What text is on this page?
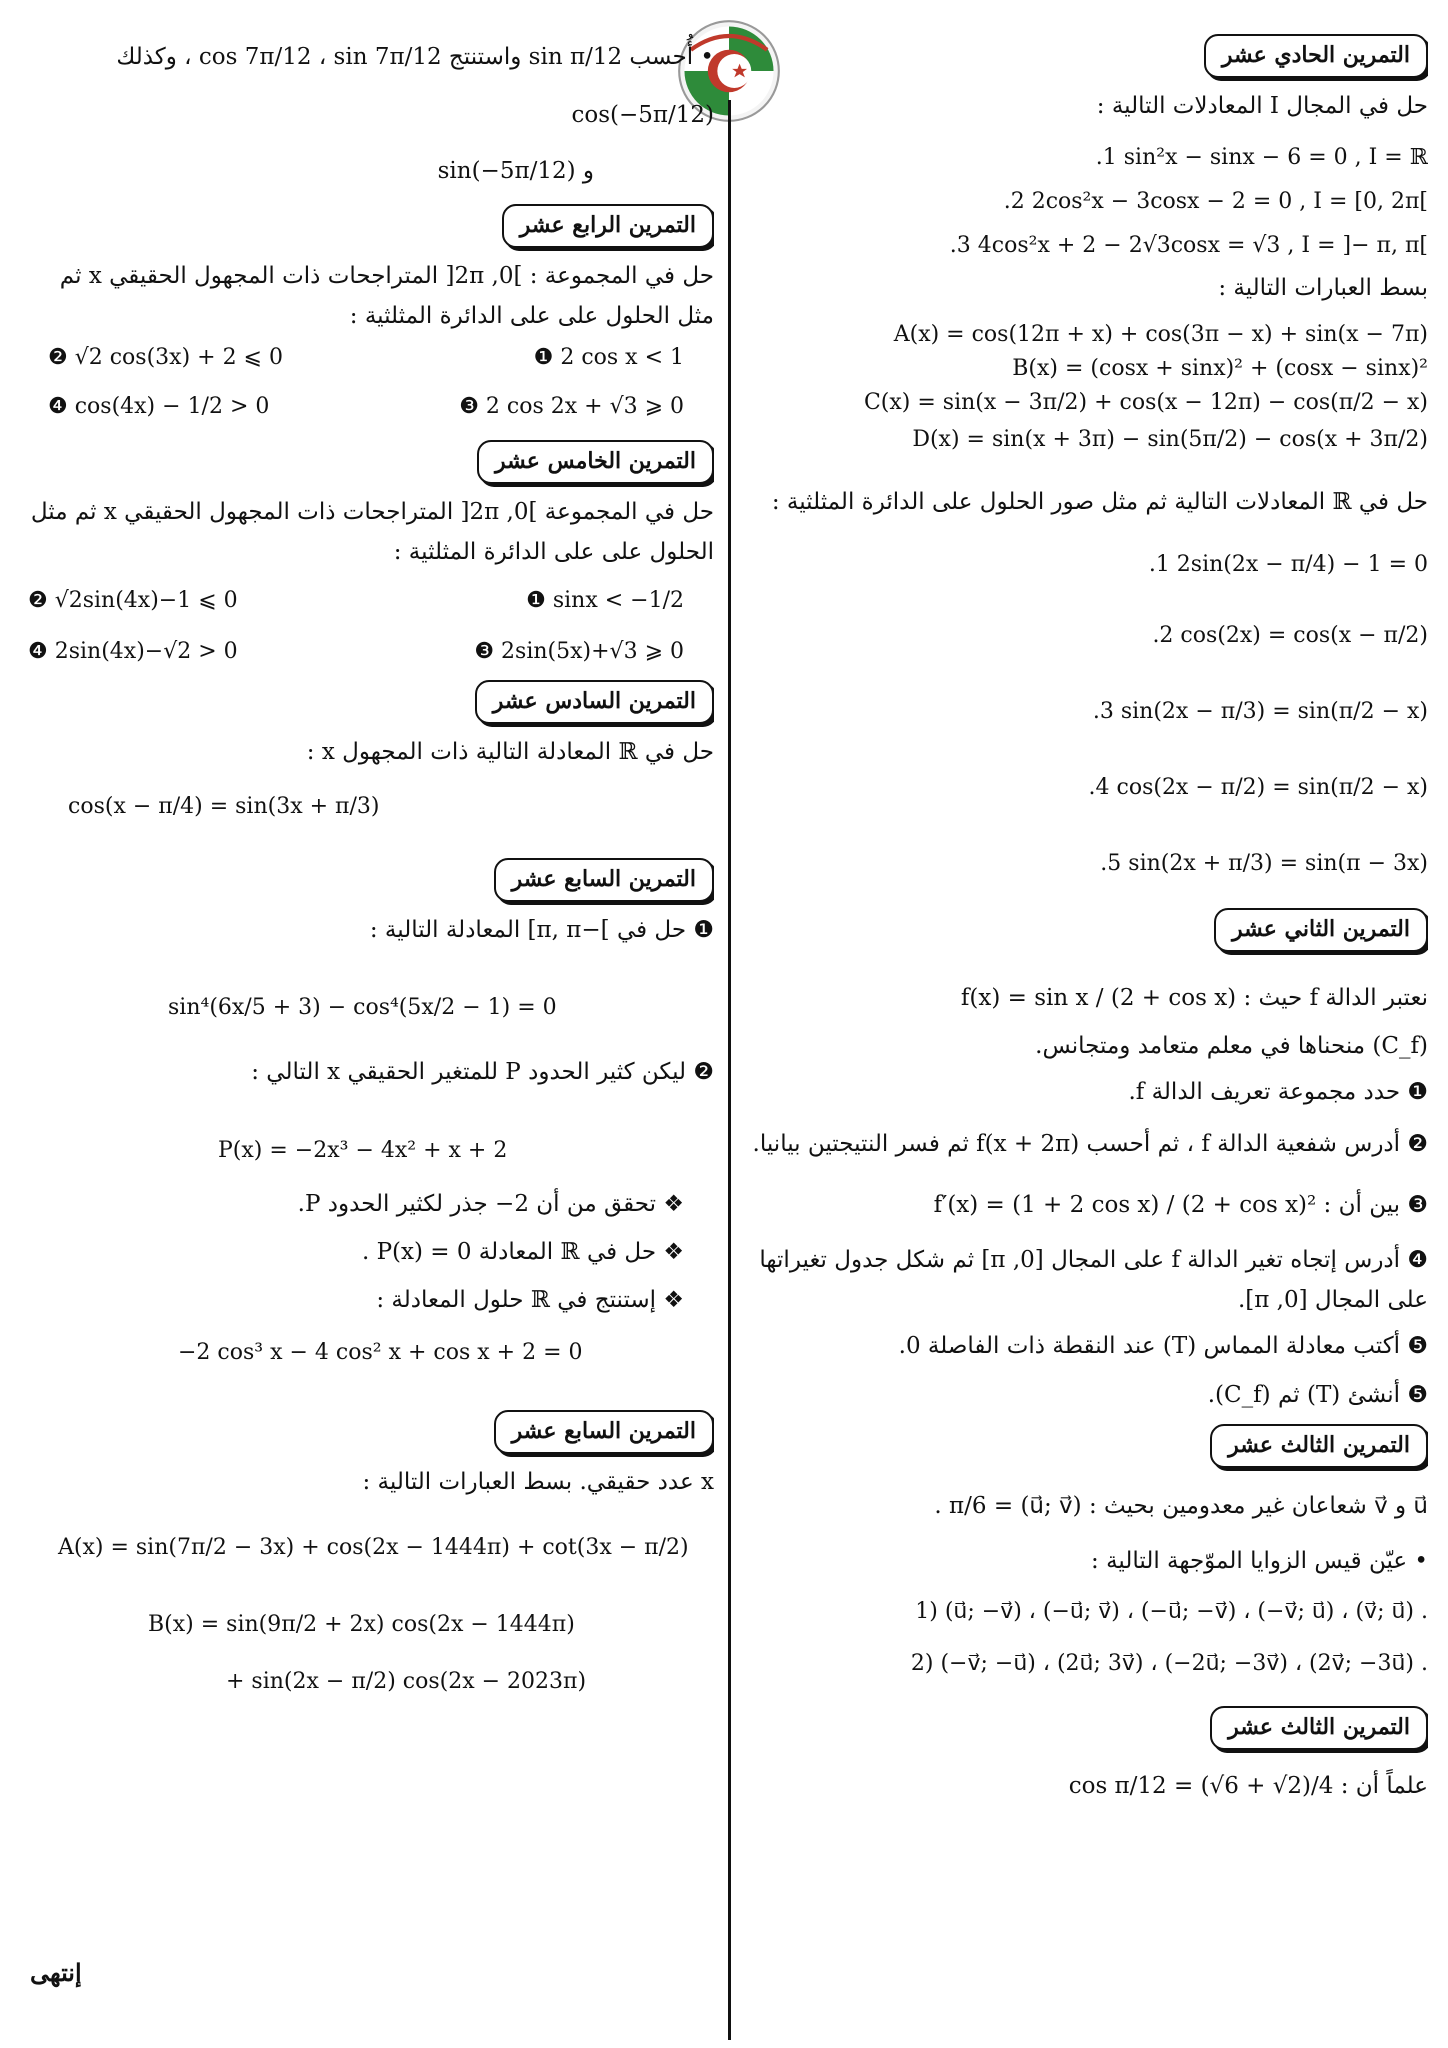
التمرين الحادي عشر

حل في المجال I المعادلات التالية :

.1 sin²x − sinx − 6 = 0 , I = ℝ
.2 2cos²x − 3cosx − 2 = 0 , I = [0, 2π[
.3 4cos²x + 2 − 2√3cosx = √3 , I = ]− π, π[

بسط العبارات التالية :

A(x) = cos(12π + x) + cos(3π − x) + sin(x − 7π)
B(x) = (cosx + sinx)² + (cosx − sinx)²
C(x) = sin(x − 3π/2) + cos(x − 12π) − cos(π/2 − x)
D(x) = sin(x + 3π) − sin(5π/2) − cos(x + 3π/2)

حل في ℝ المعادلات التالية ثم مثل صور الحلول على الدائرة المثلثية :

.1 2sin(2x − π/4) − 1 = 0
.2 cos(2x) = cos(x − π/2)
.3 sin(2x − π/3) = sin(π/2 − x)
.4 cos(2x − π/2) = sin(π/2 − x)
.5 sin(2x + π/3) = sin(π − 3x)
التمرين الثاني عشر

نعتبر الدالة f حيث : f(x) = sin x / (2 + cos x)

(C_f) منحناها في معلم متعامد ومتجانس.

❶ حدد مجموعة تعريف الدالة f.

❷ أدرس شفعية الدالة f ، ثم أحسب f(x + 2π) ثم فسر النتيجتين بيانيا.

❸ بين أن : f′(x) = (1 + 2 cos x) / (2 + cos x)²

❹ أدرس إتجاه تغير الدالة f على المجال [0, π] ثم شكل جدول تغيراتها على المجال [0, π].

❺ أكتب معادلة المماس (T) عند النقطة ذات الفاصلة 0.

❺ أنشئ (T) ثم (C_f).

التمرين الثالث عشر

u⃗ و v⃗ شعاعان غير معدومين بحيث : (u⃗; v⃗) = π/6 .

• عيّن قيس الزوايا الموّجهة التالية :

1) (u⃗; −v⃗) ، (−u⃗; v⃗) ، (−u⃗; −v⃗) ، (−v⃗; u⃗) ، (v⃗; u⃗) .
2) (−v⃗; −u⃗) ، (2u⃗; 3v⃗) ، (−2u⃗; −3v⃗) ، (2v⃗; −3u⃗) .
التمرين الثالث عشر

علماً أن : cos π/12 = (√6 + √2)/4

• أُحسب sin π/12 واستنتج cos 7π/12 ، sin 7π/12 ، وكذلك cos(−5π/12)

و sin(−5π/12)

التمرين الرابع عشر

حل في المجموعة : ]0, 2π[ المتراجحات ذات المجهول الحقيقي x ثم مثل الحلول على على الدائرة المثلثية :

❶ 2 cos x < 1
❷ √2 cos(3x) + 2 ⩽ 0
❸ 2 cos 2x + √3 ⩾ 0
❹ cos(4x) − 1/2 > 0
التمرين الخامس عشر

حل في المجموعة ]0, 2π[ المتراجحات ذات المجهول الحقيقي x ثم مثل الحلول على على الدائرة المثلثية :

❶ sinx < −1/2
❷ √2sin(4x)−1 ⩽ 0
❸ 2sin(5x)+√3 ⩾ 0
❹ 2sin(4x)−√2 > 0
التمرين السادس عشر

حل في ℝ المعادلة التالية ذات المجهول x :

cos(x − π/4) = sin(3x + π/3)
التمرين السابع عشر

❶ حل في ]−π, π] المعادلة التالية :

sin⁴(6x/5 + 3) − cos⁴(5x/2 − 1) = 0

❷ ليكن كثير الحدود P للمتغير الحقيقي x التالي :

P(x) = −2x³ − 4x² + x + 2

❖ تحقق من أن 2− جذر لكثير الحدود P.

❖ حل في ℝ المعادلة P(x) = 0 .

❖ إستنتج في ℝ حلول المعادلة :

−2 cos³ x − 4 cos² x + cos x + 2 = 0
التمرين السابع عشر

x عدد حقيقي. بسط العبارات التالية :

A(x) = sin(7π/2 − 3x) + cos(2x − 1444π) + cot(3x − π/2)
B(x) = sin(9π/2 + 2x) cos(2x − 1444π)
+ sin(2x − π/2) cos(2x − 2023π)
إنتهى
